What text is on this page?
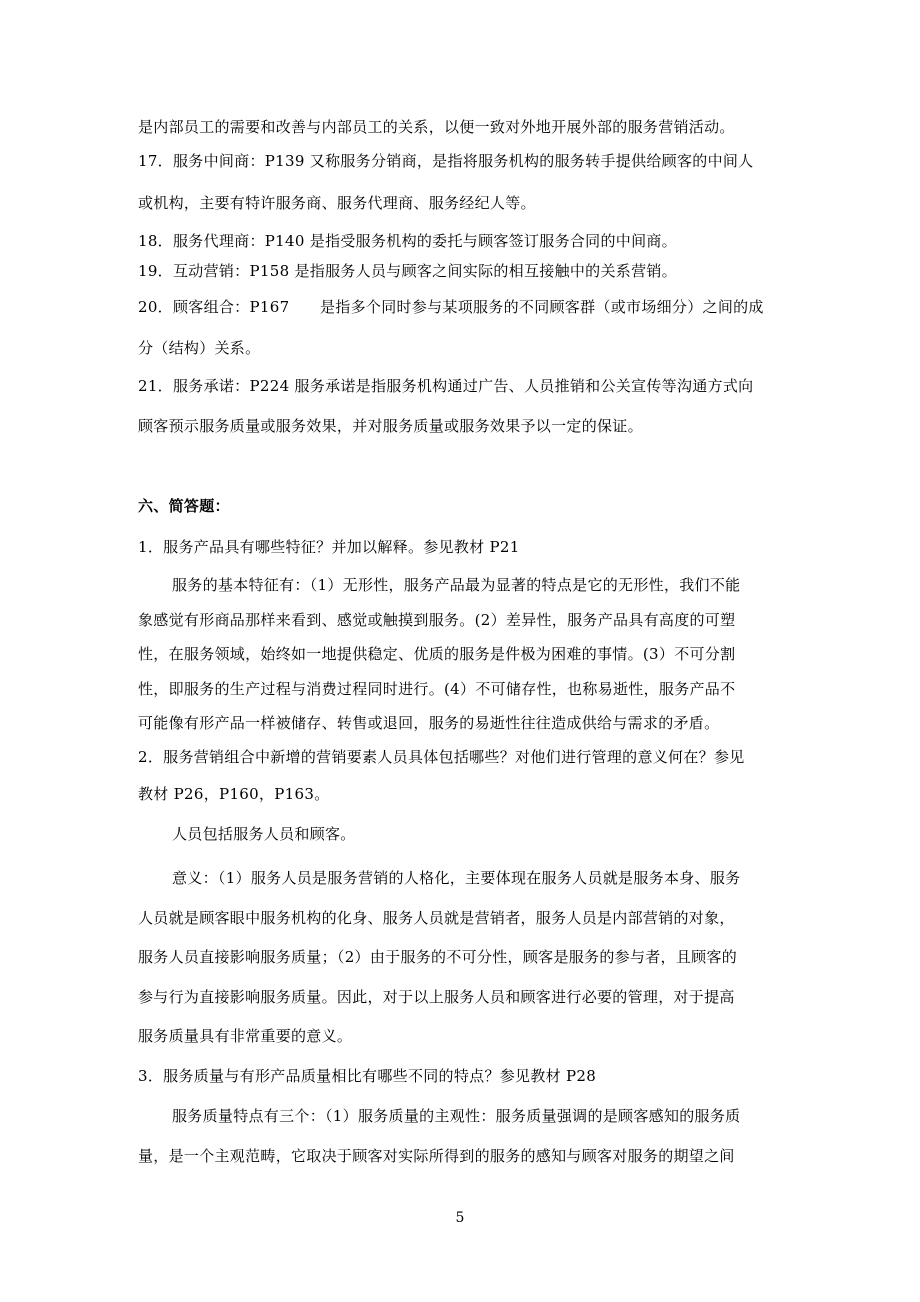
是内部员工的需要和改善与内部员工的关系，以便一致对外地开展外部的服务营销活动。
17．服务中间商：P139 又称服务分销商，是指将服务机构的服务转手提供给顾客的中间人
或机构，主要有特许服务商、服务代理商、服务经纪人等。
18．服务代理商：P140 是指受服务机构的委托与顾客签订服务合同的中间商。
19．互动营销：P158 是指服务人员与顾客之间实际的相互接触中的关系营销。
20．顾客组合：P167　　是指多个同时参与某项服务的不同顾客群（或市场细分）之间的成
分（结构）关系。
21．服务承诺：P224 服务承诺是指服务机构通过广告、人员推销和公关宣传等沟通方式向
顾客预示服务质量或服务效果，并对服务质量或服务效果予以一定的保证。
六、简答题：
1．服务产品具有哪些特征？并加以解释。参见教材 P21
服务的基本特征有：（1）无形性，服务产品最为显著的特点是它的无形性，我们不能
象感觉有形商品那样来看到、感觉或触摸到服务。(2）差异性，服务产品具有高度的可塑
性，在服务领域，始终如一地提供稳定、优质的服务是件极为困难的事情。(3）不可分割
性，即服务的生产过程与消费过程同时进行。(4）不可储存性，也称易逝性，服务产品不
可能像有形产品一样被储存、转售或退回，服务的易逝性往往造成供给与需求的矛盾。
2．服务营销组合中新增的营销要素人员具体包括哪些？对他们进行管理的意义何在？参见
教材 P26，P160，P163。
人员包括服务人员和顾客。
意义：（1）服务人员是服务营销的人格化，主要体现在服务人员就是服务本身、服务
人员就是顾客眼中服务机构的化身、服务人员就是营销者，服务人员是内部营销的对象，
服务人员直接影响服务质量；（2）由于服务的不可分性，顾客是服务的参与者，且顾客的
参与行为直接影响服务质量。因此，对于以上服务人员和顾客进行必要的管理，对于提高
服务质量具有非常重要的意义。
3．服务质量与有形产品质量相比有哪些不同的特点？参见教材 P28
服务质量特点有三个：（1）服务质量的主观性：服务质量强调的是顾客感知的服务质
量，是一个主观范畴，它取决于顾客对实际所得到的服务的感知与顾客对服务的期望之间
5
